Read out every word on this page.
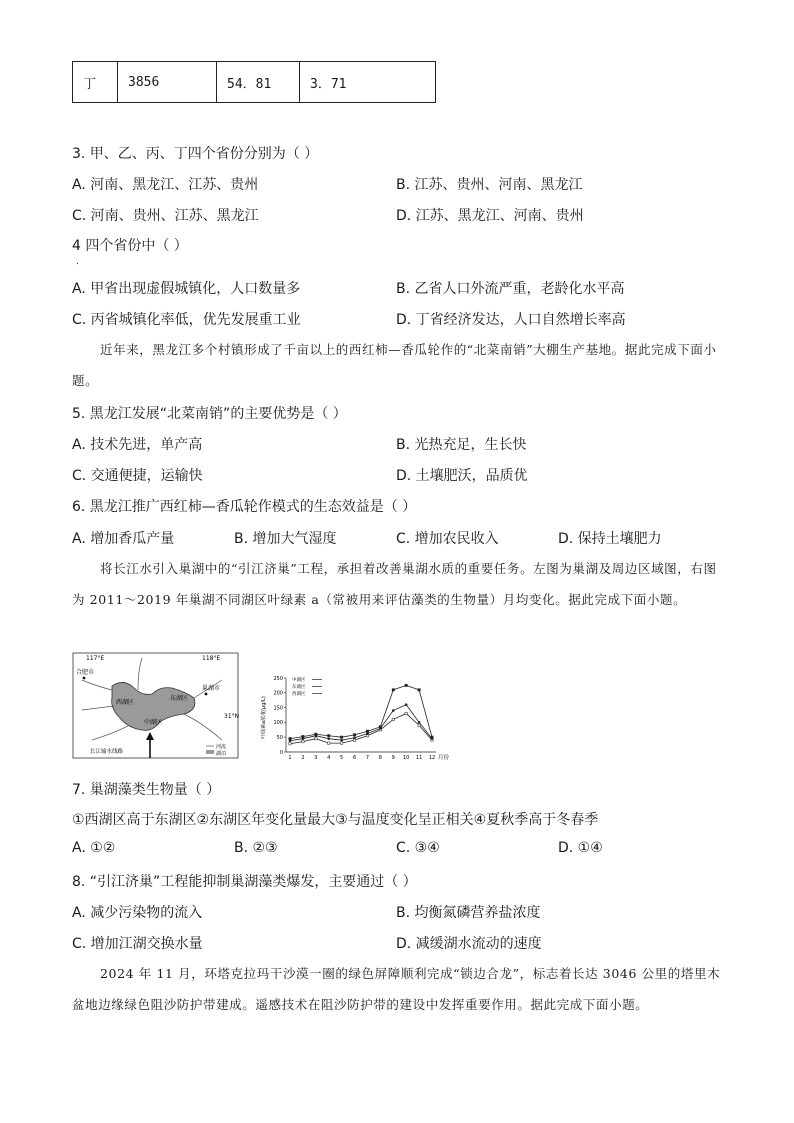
丁	3856	54．81	3．71
3. 甲、乙、丙、丁四个省份分别为（ ）
A. 河南、黑龙江、江苏、贵州	B. 江苏、贵州、河南、黑龙江
C. 河南、贵州、江苏、黑龙江	D. 江苏、黑龙江、河南、贵州
4 四个省份中（ ）
．
A. 甲省出现虚假城镇化，人口数量多	B. 乙省人口外流严重，老龄化水平高
C. 丙省城镇化率低，优先发展重工业	D. 丁省经济发达，人口自然增长率高
近年来，黑龙江多个村镇形成了千亩以上的西红柿—香瓜轮作的“北菜南销”大棚生产基地。据此完成下面小题。
5. 黑龙江发展“北菜南销”的主要优势是（ ）
A. 技术先进，单产高	B. 光热充足，生长快
C. 交通便捷，运输快	D. 土壤肥沃，品质优
6. 黑龙江推广西红柿—香瓜轮作模式的生态效益是（ ）
A. 增加香瓜产量	B. 增加大气湿度	C. 增加农民收入	D. 保持土壤肥力
将长江水引入巢湖中的“引江济巢”工程，承担着改善巢湖水质的重要任务。左图为巢湖及周边区域图，右图为 2011～2019 年巢湖不同湖区叶绿素 a（常被用来评估藻类的生物量）月均变化。据此完成下面小题。
117°E	118°E
31°N
合肥市
巢湖市
西湖区
中湖区
东湖区
长江输水线路
河流
湖泊	0
50
100
150
200
250
1 2 3 4 5 6 7 8 9 10 11 12
中湖区
东湖区
西湖区
叶绿素a浓度(μg/L)
月份
7. 巢湖藻类生物量（ ）
①西湖区高于东湖区②东湖区年变化量最大③与温度变化呈正相关④夏秋季高于冬春季
A. ①②	B. ②③	C. ③④	D. ①④
8. “引江济巢”工程能抑制巢湖藻类爆发，主要通过（ ）
A. 减少污染物的流入	B. 均衡氮磷营养盐浓度
C. 增加江湖交换水量	D. 减缓湖水流动的速度
2024 年 11 月，环塔克拉玛干沙漠一圈的绿色屏障顺利完成“锁边合龙”，标志着长达 3046 公里的塔里木盆地边缘绿色阻沙防护带建成。遥感技术在阻沙防护带的建设中发挥重要作用。据此完成下面小题。
